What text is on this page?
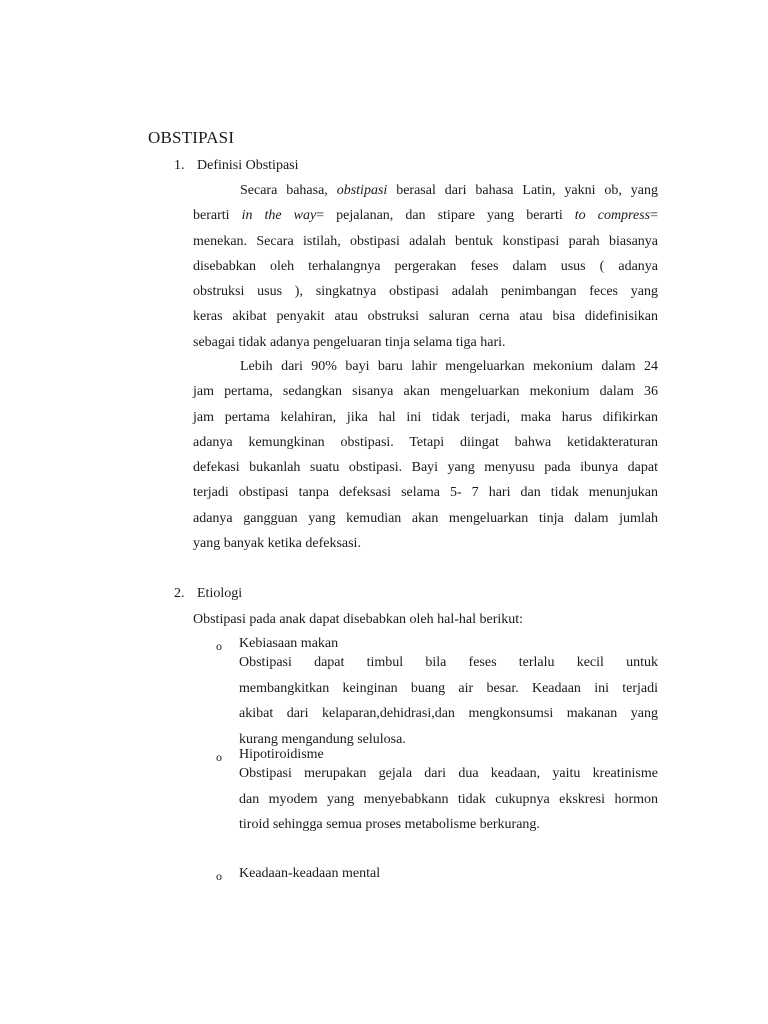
OBSTIPASI
1. Definisi Obstipasi
Secara bahasa, obstipasi berasal dari bahasa Latin, yakni ob, yang
berarti in the way= pejalanan, dan stipare yang berarti to compress=
menekan. Secara istilah, obstipasi adalah bentuk konstipasi parah biasanya
disebabkan oleh terhalangnya pergerakan feses dalam usus ( adanya
obstruksi usus ), singkatnya obstipasi adalah penimbangan feces yang
keras akibat penyakit atau obstruksi saluran cerna atau bisa didefinisikan
sebagai tidak adanya pengeluaran tinja selama tiga hari.
Lebih dari 90% bayi baru lahir mengeluarkan mekonium dalam 24
jam pertama, sedangkan sisanya akan mengeluarkan mekonium dalam 36
jam pertama kelahiran, jika hal ini tidak terjadi, maka harus difikirkan
adanya kemungkinan obstipasi. Tetapi diingat bahwa ketidakteraturan
defekasi bukanlah suatu obstipasi. Bayi yang menyusu pada ibunya dapat
terjadi obstipasi tanpa defeksasi selama 5- 7 hari dan tidak menunjukan
adanya gangguan yang kemudian akan mengeluarkan tinja dalam jumlah
yang banyak ketika defeksasi.
2. Etiologi
Obstipasi pada anak dapat disebabkan oleh hal-hal berikut:
o Kebiasaan makan
Obstipasi dapat timbul bila feses terlalu kecil untuk
membangkitkan keinginan buang air besar. Keadaan ini terjadi
akibat dari kelaparan,dehidrasi,dan mengkonsumsi makanan yang
kurang mengandung selulosa.
o Hipotiroidisme
Obstipasi merupakan gejala dari dua keadaan, yaitu kreatinisme
dan myodem yang menyebabkann tidak cukupnya ekskresi hormon
tiroid sehingga semua proses metabolisme berkurang.
o Keadaan-keadaan mental
